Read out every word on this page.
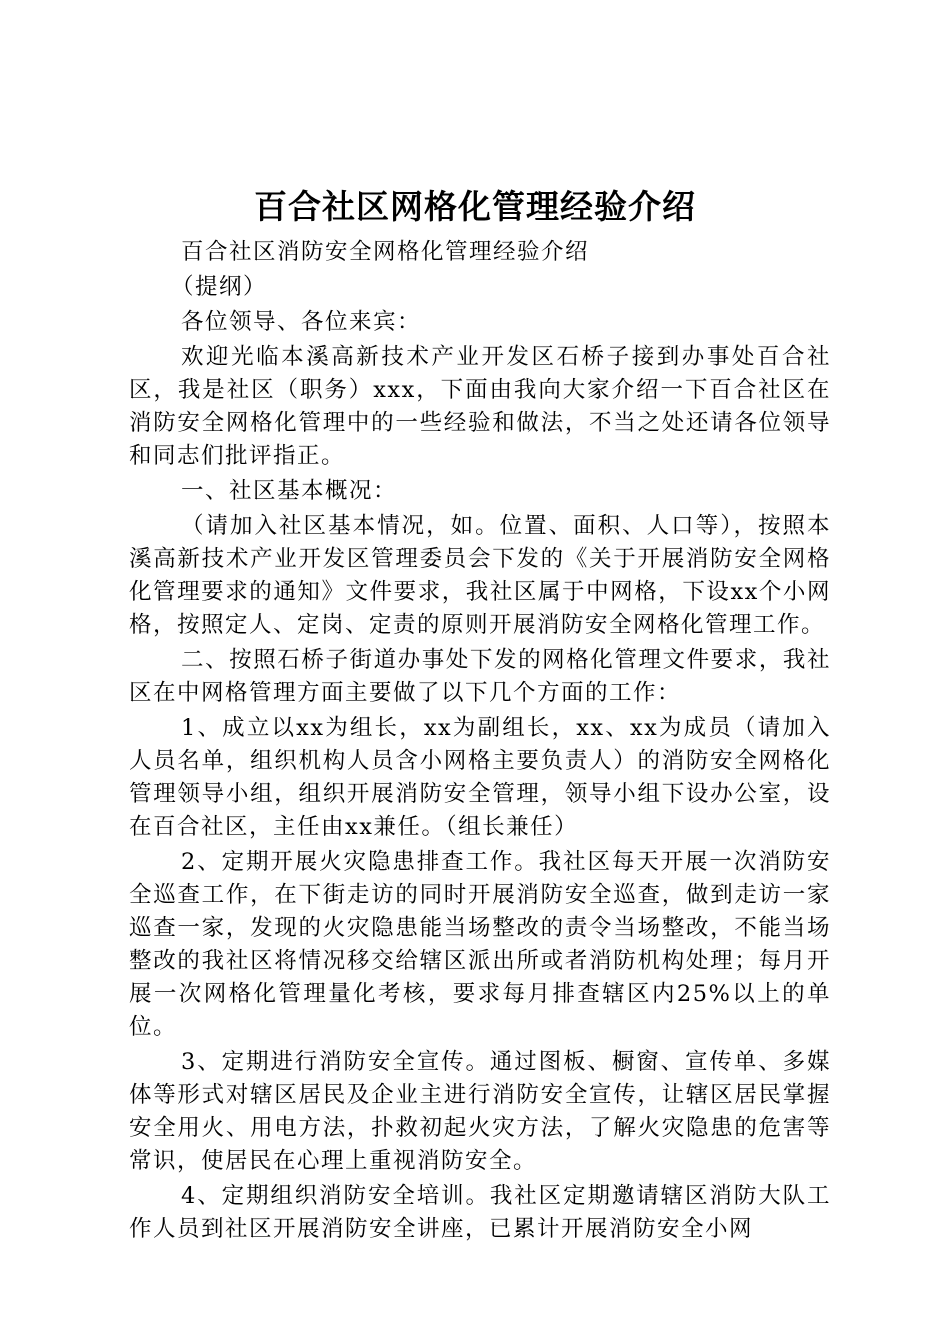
百合社区网格化管理经验介绍

百合社区消防安全网格化管理经验介绍

（提纲）

各位领导、各位来宾：

欢迎光临本溪高新技术产业开发区石桥子接到办事处百合社区，我是社区（职务）xxx，下面由我向大家介绍一下百合社区在消防安全网格化管理中的一些经验和做法，不当之处还请各位领导和同志们批评指正。

一、社区基本概况：

（请加入社区基本情况，如。位置、面积、人口等），按照本溪高新技术产业开发区管理委员会下发的《关于开展消防安全网格化管理要求的通知》文件要求，我社区属于中网格，下设xx个小网格，按照定人、定岗、定责的原则开展消防安全网格化管理工作。

二、按照石桥子街道办事处下发的网格化管理文件要求，我社区在中网格管理方面主要做了以下几个方面的工作：

1、成立以xx为组长，xx为副组长，xx、xx为成员（请加入人员名单，组织机构人员含小网格主要负责人）的消防安全网格化管理领导小组，组织开展消防安全管理，领导小组下设办公室，设在百合社区，主任由xx兼任。（组长兼任）

2、定期开展火灾隐患排查工作。我社区每天开展一次消防安全巡查工作，在下街走访的同时开展消防安全巡查，做到走访一家巡查一家，发现的火灾隐患能当场整改的责令当场整改，不能当场整改的我社区将情况移交给辖区派出所或者消防机构处理；每月开展一次网格化管理量化考核，要求每月排查辖区内25%以上的单位。

3、定期进行消防安全宣传。通过图板、橱窗、宣传单、多媒体等形式对辖区居民及企业主进行消防安全宣传，让辖区居民掌握安全用火、用电方法，扑救初起火灾方法，了解火灾隐患的危害等常识，使居民在心理上重视消防安全。

4、定期组织消防安全培训。我社区定期邀请辖区消防大队工作人员到社区开展消防安全讲座，已累计开展消防安全小网
